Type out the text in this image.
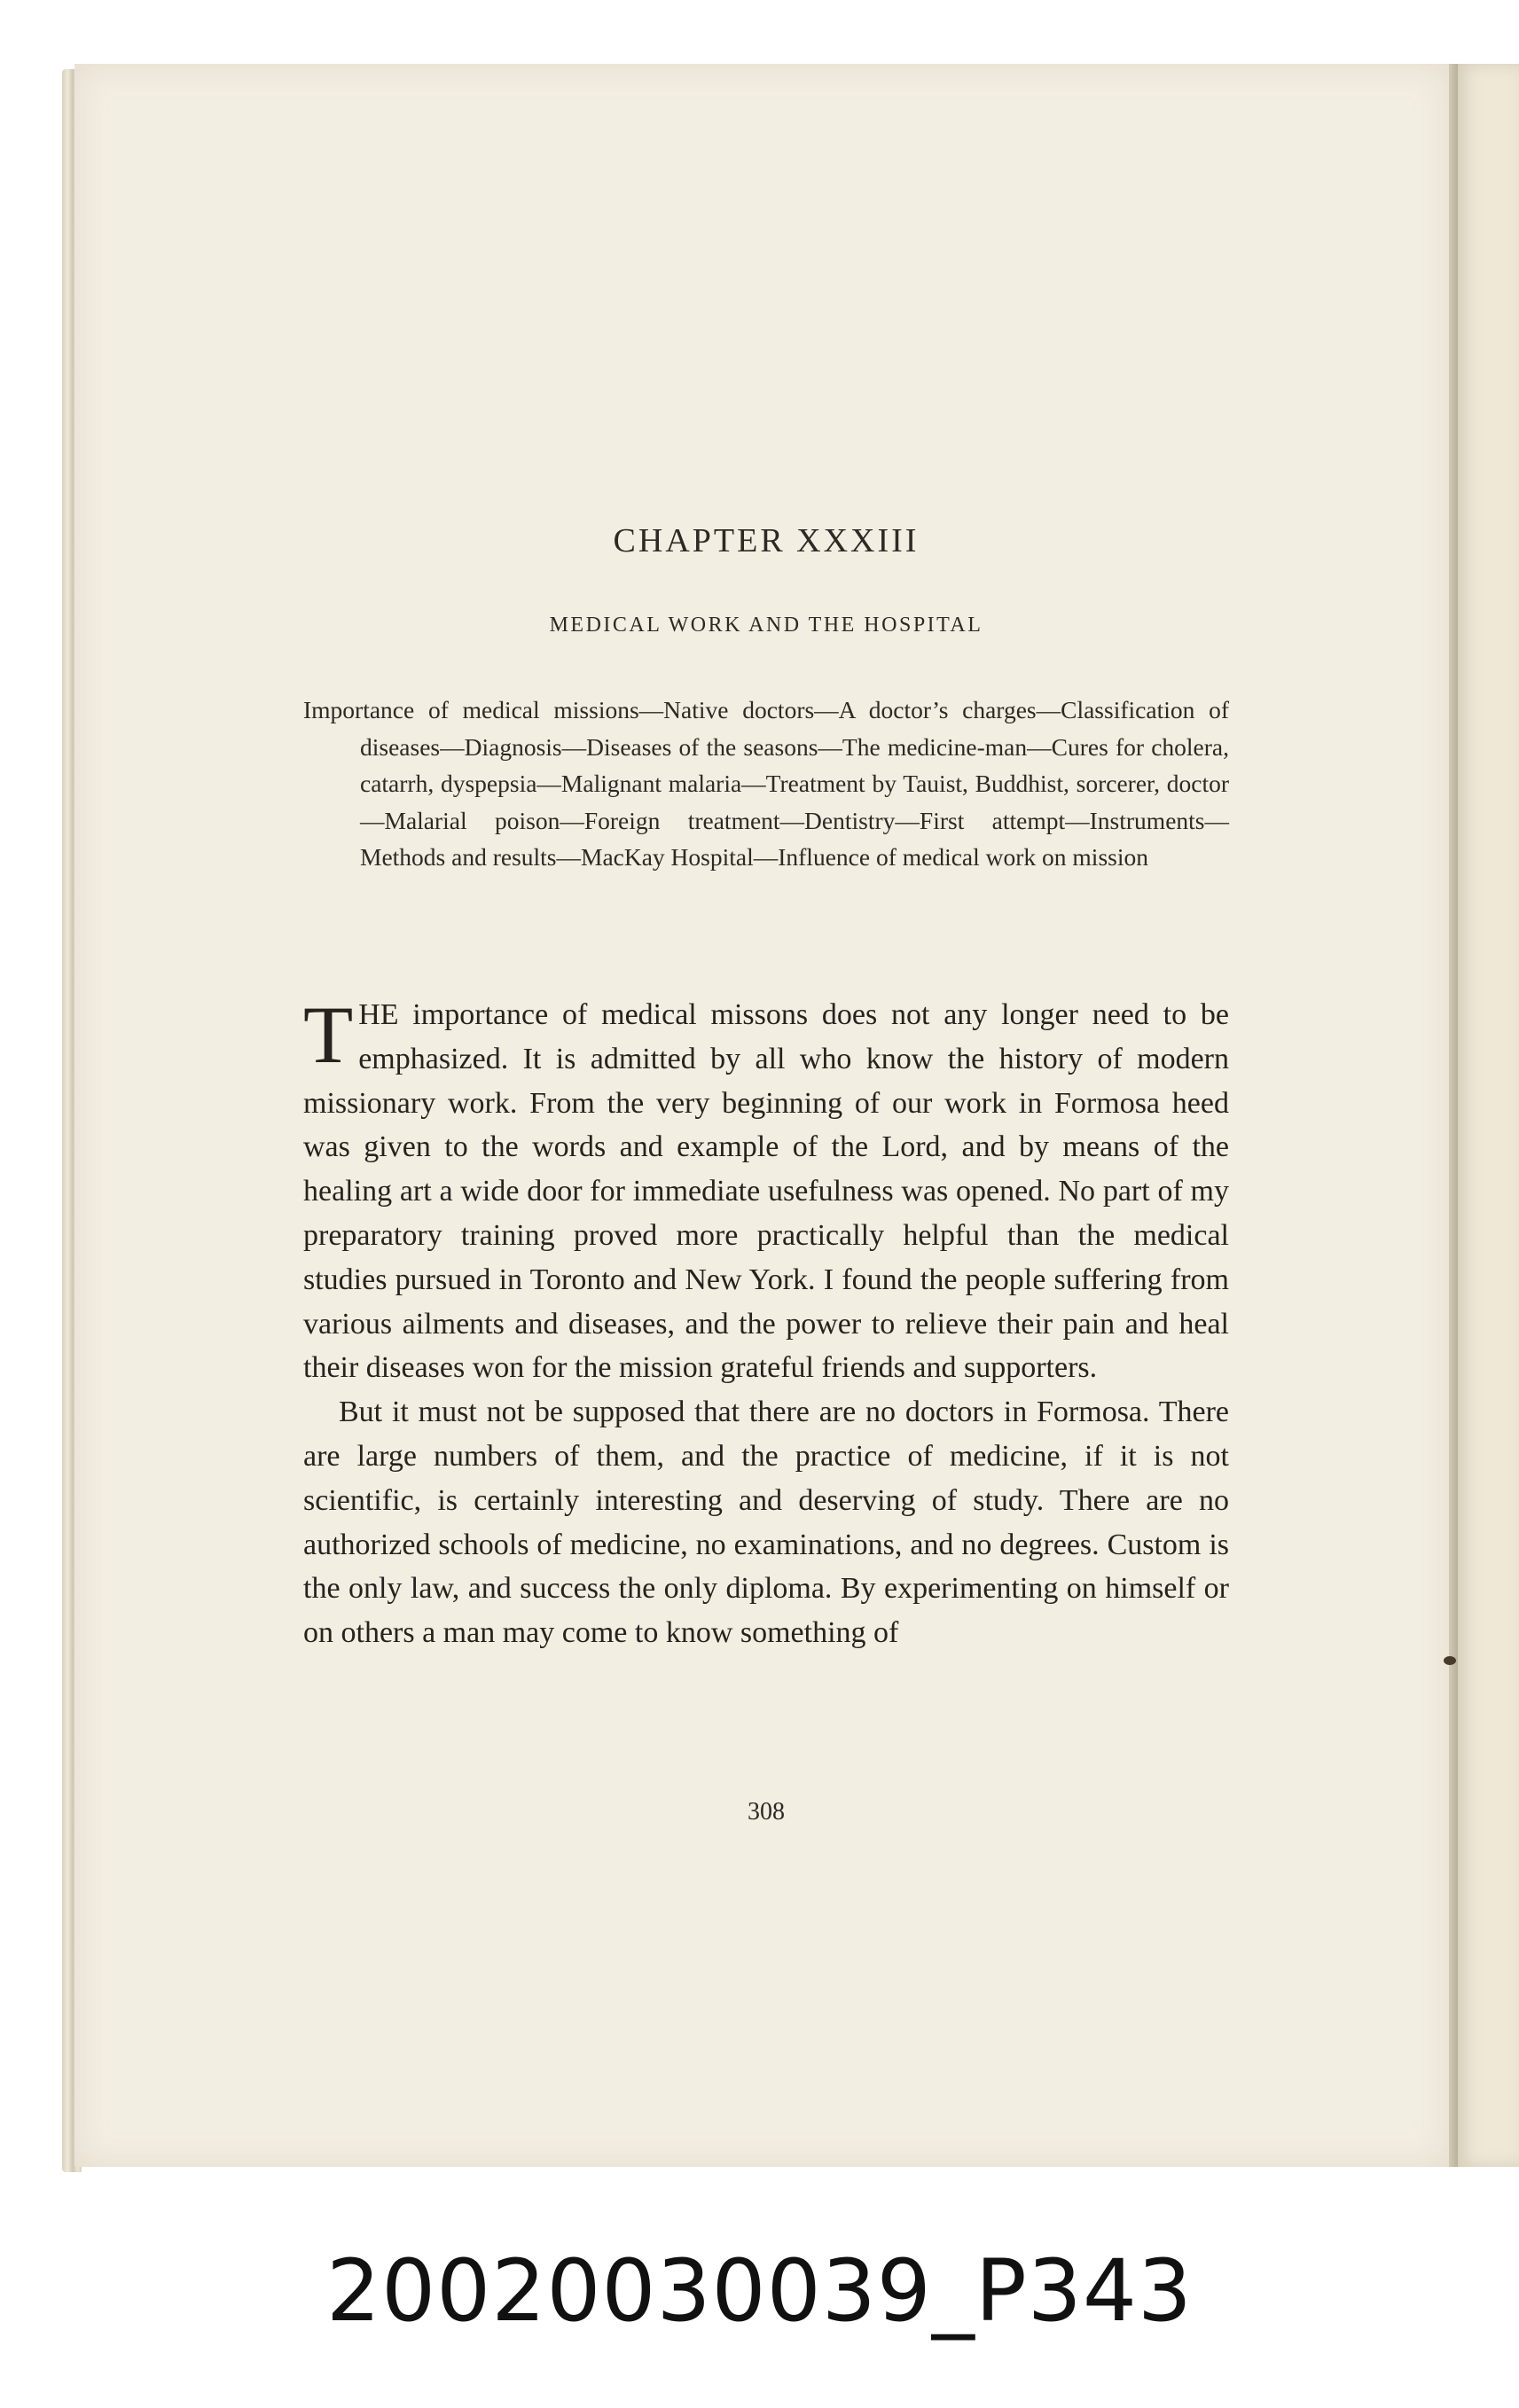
CHAPTER XXXIII
MEDICAL WORK AND THE HOSPITAL

Importance of medical missions—Native doctors—A doctor’s charges—Classification of diseases—Diagnosis—Diseases of the seasons—The medicine-man—Cures for cholera, catarrh, dyspepsia—Malignant malaria—Treatment by Tauist, Buddhist, sorcerer, doctor—Malarial poison—Foreign treatment—Dentistry—First attempt—Instruments—Methods and results—MacKay Hospital—Influence of medical work on mission

THE importance of medical missons does not any longer need to be emphasized. It is admitted by all who know the history of modern missionary work. From the very beginning of our work in Formosa heed was given to the words and example of the Lord, and by means of the healing art a wide door for immediate usefulness was opened. No part of my preparatory training proved more practically helpful than the medical studies pursued in Toronto and New York. I found the people suffering from various ailments and diseases, and the power to relieve their pain and heal their diseases won for the mission grateful friends and supporters.

But it must not be supposed that there are no doctors in Formosa. There are large numbers of them, and the practice of medicine, if it is not scientific, is certainly interesting and deserving of study. There are no authorized schools of medicine, no examinations, and no degrees. Custom is the only law, and success the only diploma. By experimenting on himself or on others a man may come to know something of

308

20020030039_P343
